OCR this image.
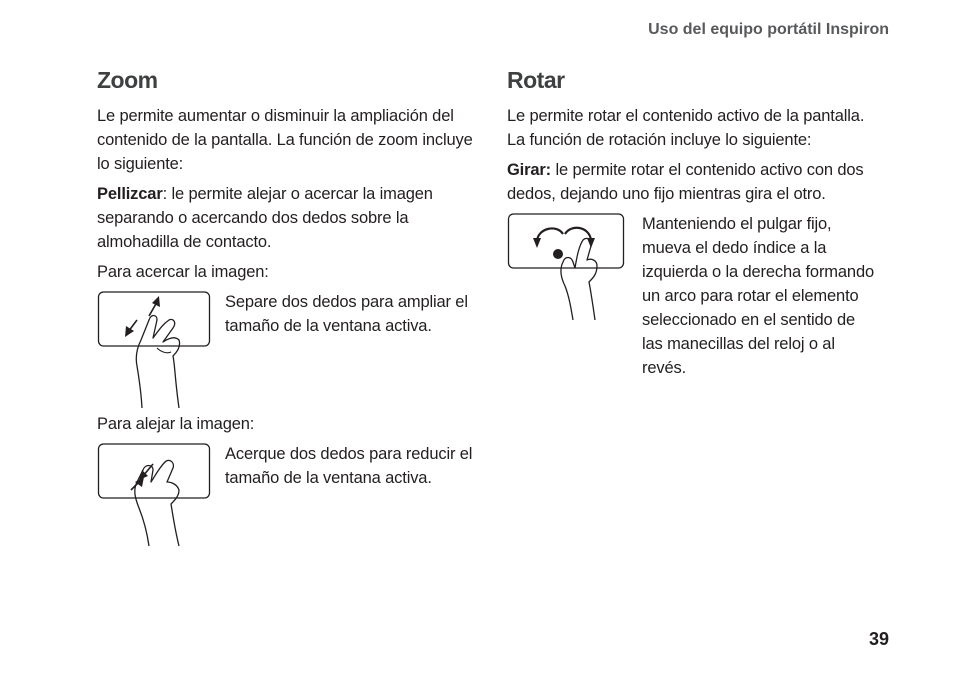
Uso del equipo portátil Inspiron
Zoom

Le permite aumentar o disminuir la ampliación del contenido de la pantalla. La función de zoom incluye lo siguiente:

Pellizcar: le permite alejar o acercar la imagen separando o acercando dos dedos sobre la almohadilla de contacto.

Para acercar la imagen:

Separe dos dedos para ampliar el tamaño de la ventana activa.

Para alejar la imagen:

Acerque dos dedos para reducir el tamaño de la ventana activa.
Rotar

Le permite rotar el contenido activo de la pantalla. La función de rotación incluye lo siguiente:

Girar: le permite rotar el contenido activo con dos dedos, dejando uno fijo mientras gira el otro.

Manteniendo el pulgar fijo, mueva el dedo índice a la izquierda o la derecha formando un arco para rotar el elemento seleccionado en el sentido de las manecillas del reloj o al revés.
39
